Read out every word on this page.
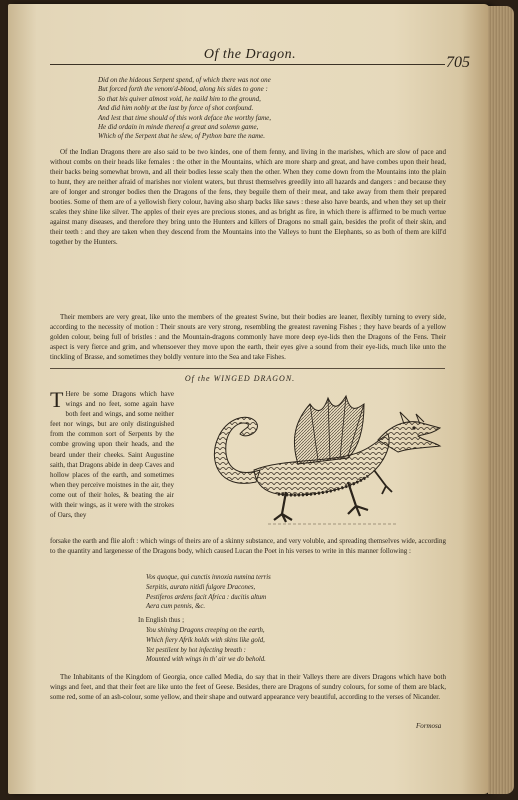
Of the Dragon.	705
Did on the hideous Serpent spend, of which there was not one
But forced forth the venom'd-blood, along his sides to gone :
So that his quiver almost void, he naild him to the ground,
And did him nobly at the last by force of shot confound.
And lest that time should of this work deface the worthy fame,
He did ordain in minde thereof a great and solemn game,
Which of the Serpent that he slew, of Python bare the name.
Of the Indian Dragons there are also said to be two kindes, one of them fenny, and living in the marishes, which are slow of pace and without combs on their heads like females : the other in the Mountains, which are more sharp and great, and have combes upon their head, their backs being somewhat brown, and all their bodies lesse scaly then the other. When they come down from the Mountains into the plain to hunt, they are neither afraid of marishes nor violent waters, but thrust themselves greedily into all hazards and dangers : and because they are of longer and stronger bodies then the Dragons of the fens, they beguile them of their meat, and take away from them their prepared booties. Some of them are of a yellowish fiery colour, having also sharp backs like saws : these also have beards, and when they set up their scales they shine like silver. The apples of their eyes are precious stones, and as bright as fire, in which there is affirmed to be much vertue against many diseases, and therefore they bring unto the Hunters and killers of Dragons no small gain, besides the profit of their skin, and their teeth : and they are taken when they descend from the Mountains into the Valleys to hunt the Elephants, so as both of them are kill'd together by the Hunters.
Their members are very great, like unto the members of the greatest Swine, but their bodies are leaner, flexibly turning to every side, according to the necessity of motion : Their snouts are very strong, resembling the greatest ravening Fishes ; they have beards of a yellow golden colour, being full of bristles : and the Mountain-dragons commonly have more deep eye-lids then the Dragons of the Fens. Their aspect is very fierce and grim, and whensoever they move upon the earth, their eyes give a sound from their eye-lids, much like unto the tinckling of Brasse, and sometimes they boldly venture into the Sea and take Fishes.
Of the WINGED DRAGON.
T Here be some Dragons which have wings and no feet, some again have both feet and wings, and some neither feet nor wings, but are only distinguished from the common sort of Serpents by the combe growing upon their heads, and the beard under their cheeks. Saint Augustine saith, that Dragons abide in deep Caves and hollow places of the earth, and sometimes when they perceive moistnes in the air, they come out of their holes, & beating the air with their wings, as it were with the strokes of Oars, they
forsake the earth and flie aloft : which wings of theirs are of a skinny substance, and very voluble, and spreading themselves wide, according to the quantity and largenesse of the Dragons body, which caused Lucan the Poet in his verses to write in this manner following :
Vos quoque, qui cunctis innoxia numina terris
Serpitis, aurato nitidi fulgore Dracones,
Pestiferos ardens facit Africa : ducitis altum
Aera cum pennis, &c.
In English thus ;
You shining Dragons creeping on the earth,
Which fiery Afrik holds with skins like gold,
Yet pestilent by hot infecting breath :
Mounted with wings in th' air we do behold.
The Inhabitants of the Kingdom of Georgia, once called Media, do say that in their Valleys there are divers Dragons which have both wings and feet, and that their feet are like unto the feet of Geese. Besides, there are Dragons of sundry colours, for some of them are black, some red, some of an ash-colour, some yellow, and their shape and outward appearance very beautiful, according to the verses of Nicander.
Formosa
